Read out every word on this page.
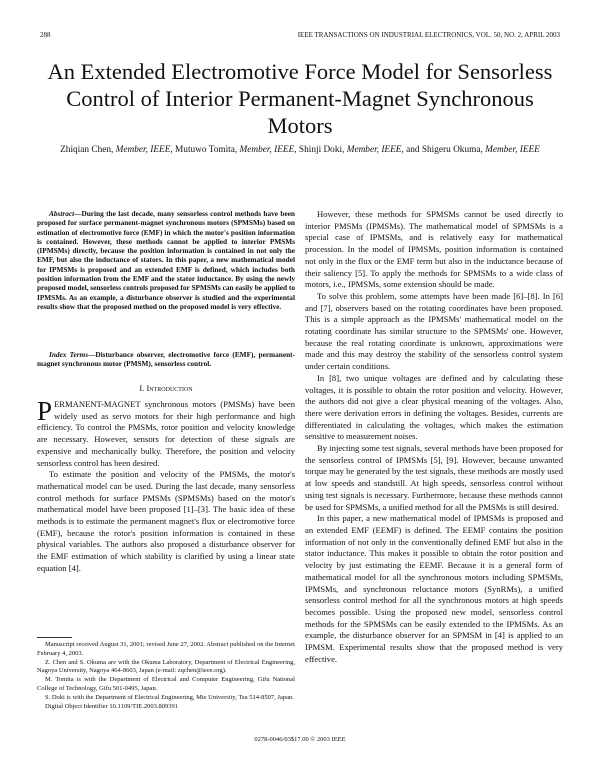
288	IEEE TRANSACTIONS ON INDUSTRIAL ELECTRONICS, VOL. 50, NO. 2, APRIL 2003
An Extended Electromotive Force Model for Sensorless Control of Interior Permanent-Magnet Synchronous Motors
Zhiqian Chen, Member, IEEE, Mutuwo Tomita, Member, IEEE, Shinji Doki, Member, IEEE, and Shigeru Okuma, Member, IEEE
Abstract—During the last decade, many sensorless control methods have been proposed for surface permanent-magnet synchronous motors (SPMSMs) based on estimation of electromotive force (EMF) in which the motor's position information is contained. However, these methods cannot be applied to interior PMSMs (IPMSMs) directly, because the position information is contained in not only the EMF, but also the inductance of stators. In this paper, a new mathematical model for IPMSMs is proposed and an extended EMF is defined, which includes both position information from the EMF and the stator inductance. By using the newly proposed model, sensorless controls proposed for SPMSMs can easily be applied to IPMSMs. As an example, a disturbance observer is studied and the experimental results show that the proposed method on the proposed model is very effective.
Index Terms—Disturbance observer, electromotive force (EMF), permanent-magnet synchronous motor (PMSM), sensorless control.
I. Introduction

PERMANENT-MAGNET synchronous motors (PMSMs) have been widely used as servo motors for their high performance and high efficiency. To control the PMSMs, rotor position and velocity knowledge are necessary. However, sensors for detection of these signals are expensive and mechanically bulky. Therefore, the position and velocity sensorless control has been desired.

To estimate the position and velocity of the PMSMs, the motor's mathematical model can be used. During the last decade, many sensorless control methods for surface PMSMs (SPMSMs) based on the motor's mathematical model have been proposed [1]–[3]. The basic idea of these methods is to estimate the permanent magnet's flux or electromotive force (EMF), because the rotor's position information is contained in these physical variables. The authors also proposed a disturbance observer for the EMF estimation of which stability is clarified by using a linear state equation [4].

Manuscript received August 31, 2001; revised June 27, 2002. Abstract published on the Internet February 4, 2003.

Z. Chen and S. Okuma are with the Okuma Laboratory, Department of Electrical Engineering, Nagoya University, Nagoya 464-8603, Japan (e-mail: zqchen@ieee.org).

M. Tomita is with the Department of Electrical and Computer Engineering, Gifu National College of Technology, Gifu 501-0495, Japan.

S. Doki is with the Department of Electrical Engineering, Mie University, Tsu 514-8507, Japan.

Digital Object Identifier 10.1109/TIE.2003.809391

However, these methods for SPMSMs cannot be used directly to interior PMSMs (IPMSMs). The mathematical model of SPMSMs is a special case of IPMSMs, and is relatively easy for mathematical procession. In the model of IPMSMs, position information is contained not only in the flux or the EMF term but also in the inductance because of their saliency [5]. To apply the methods for SPMSMs to a wide class of motors, i.e., IPMSMs, some extension should be made.

To solve this problem, some attempts have been made [6]–[8]. In [6] and [7], observers based on the rotating coordinates have been proposed. This is a simple approach as the IPMSMs' mathematical model on the rotating coordinate has similar structure to the SPMSMs' one. However, because the real rotating coordinate is unknown, approximations were made and this may destroy the stability of the sensorless control system under certain conditions.

In [8], two unique voltages are defined and by calculating these voltages, it is possible to obtain the rotor position and velocity. However, the authors did not give a clear physical meaning of the voltages. Also, there were derivation errors in defining the voltages. Besides, currents are differentiated in calculating the voltages, which makes the estimation sensitive to measurement noises.

By injecting some test signals, several methods have been proposed for the sensorless control of IPMSMs [5], [9]. However, because unwanted torque may be generated by the test signals, these methods are mostly used at low speeds and standstill. At high speeds, sensorless control without using test signals is necessary. Furthermore, because these methods cannot be used for SPMSMs, a unified method for all the PMSMs is still desired.

In this paper, a new mathematical model of IPMSMs is proposed and an extended EMF (EEMF) is defined. The EEMF contains the position information of not only in the conventionally defined EMF but also in the stator inductance. This makes it possible to obtain the rotor position and velocity by just estimating the EEMF. Because it is a general form of mathematical model for all the synchronous motors including SPMSMs, IPMSMs, and synchronous reluctance motors (SynRMs), a unified sensorless control method for all the synchronous motors at high speeds becomes possible. Using the proposed new model, sensorless control methods for the SPMSMs can be easily extended to the IPMSMs. As an example, the disturbance observer for an SPMSM in [4] is applied to an IPMSM. Experimental results show that the proposed method is very effective.

0278-0046/03$17.00 © 2003 IEEE
